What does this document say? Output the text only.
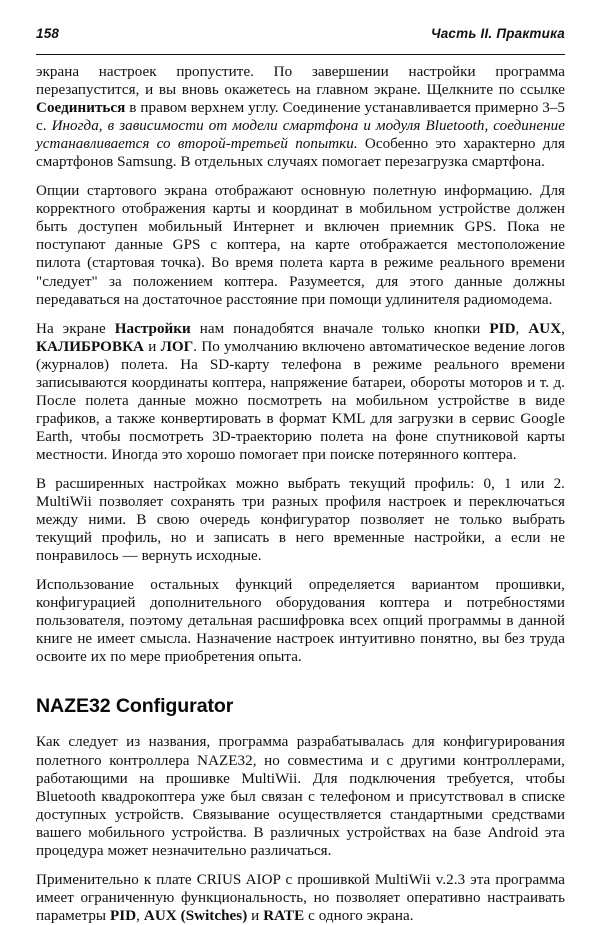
158	Часть II. Практика

экрана настроек пропустите. По завершении настройки программа перезапустится, и вы вновь окажетесь на главном экране. Щелкните по ссылке Соединиться в правом верхнем углу. Соединение устанавливается примерно 3–5 с. Иногда, в зависимости от модели смартфона и модуля Bluetooth, соединение устанавливается со второй-третьей попытки. Особенно это характерно для смартфонов Samsung. В отдельных случаях помогает перезагрузка смартфона.

Опции стартового экрана отображают основную полетную информацию. Для корректного отображения карты и координат в мобильном устройстве должен быть доступен мобильный Интернет и включен приемник GPS. Пока не поступают данные GPS с коптера, на карте отображается местоположение пилота (стартовая точка). Во время полета карта в режиме реального времени "следует" за положением коптера. Разумеется, для этого данные должны передаваться на достаточное расстояние при помощи удлинителя радиомодема.

На экране Настройки нам понадобятся вначале только кнопки PID, AUX, КАЛИБРОВКА и ЛОГ. По умолчанию включено автоматическое ведение логов (журналов) полета. На SD-карту телефона в режиме реального времени записываются координаты коптера, напряжение батареи, обороты моторов и т. д. После полета данные можно посмотреть на мобильном устройстве в виде графиков, а также конвертировать в формат KML для загрузки в сервис Google Earth, чтобы посмотреть 3D-траекторию полета на фоне спутниковой карты местности. Иногда это хорошо помогает при поиске потерянного коптера.

В расширенных настройках можно выбрать текущий профиль: 0, 1 или 2. MultiWii позволяет сохранять три разных профиля настроек и переключаться между ними. В свою очередь конфигуратор позволяет не только выбрать текущий профиль, но и записать в него временные настройки, а если не понравилось — вернуть исходные.

Использование остальных функций определяется вариантом прошивки, конфигурацией дополнительного оборудования коптера и потребностями пользователя, поэтому детальная расшифровка всех опций программы в данной книге не имеет смысла. Назначение настроек интуитивно понятно, вы без труда освоите их по мере приобретения опыта.

NAZE32 Configurator

Как следует из названия, программа разрабатывалась для конфигурирования полетного контроллера NAZE32, но совместима и с другими контроллерами, работающими на прошивке MultiWii. Для подключения требуется, чтобы Bluetooth квадрокоптера уже был связан с телефоном и присутствовал в списке доступных устройств. Связывание осуществляется стандартными средствами вашего мобильного устройства. В различных устройствах на базе Android эта процедура может незначительно различаться.

Применительно к плате CRIUS AIOP с прошивкой MultiWii v.2.3 эта программа имеет ограниченную функциональность, но позволяет оперативно настраивать параметры PID, AUX (Switches) и RATE с одного экрана.
